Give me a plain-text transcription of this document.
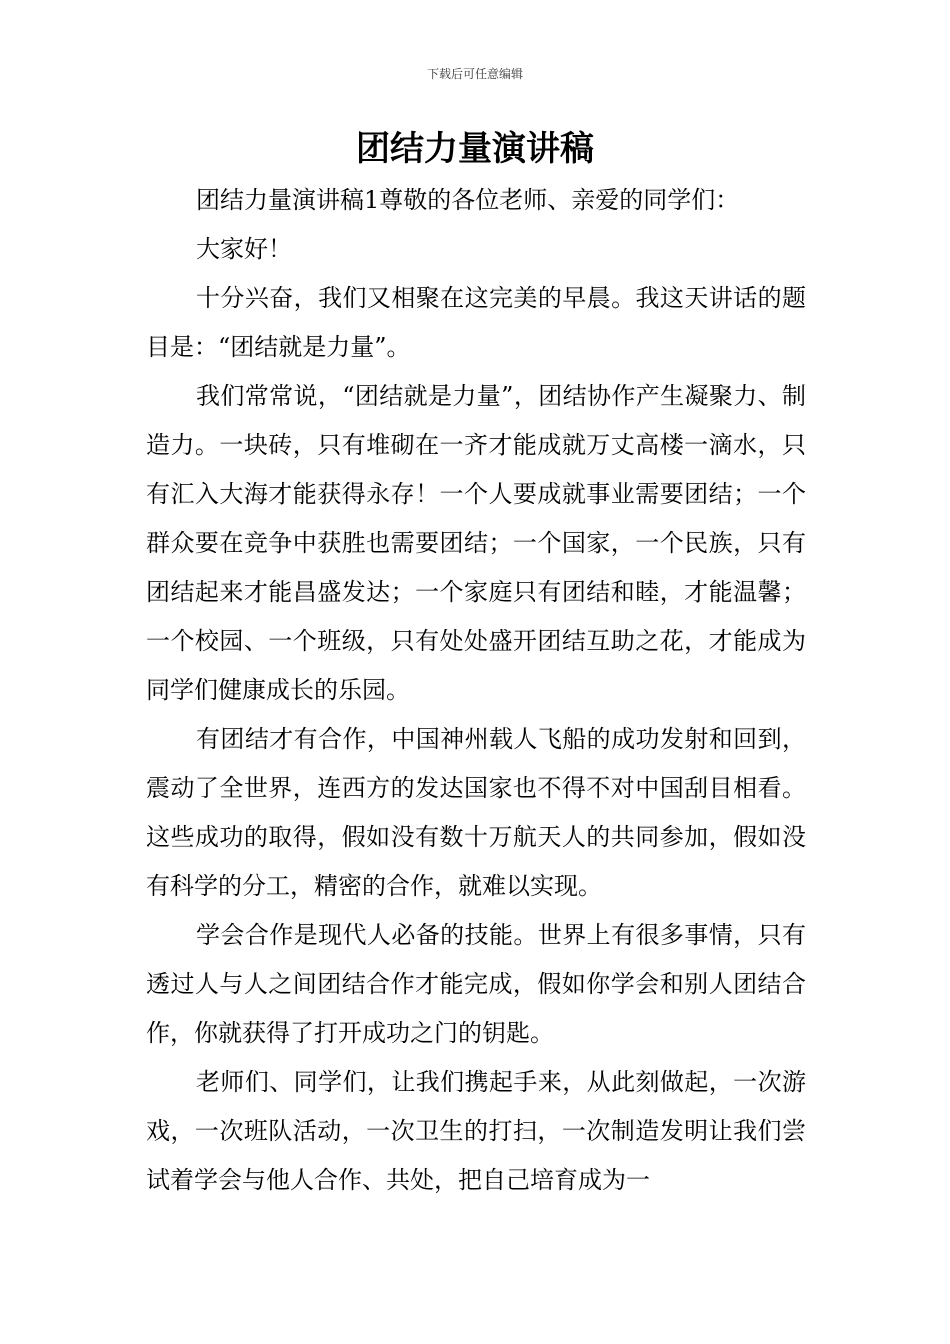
下载后可任意编辑
团结力量演讲稿

团结力量演讲稿1尊敬的各位老师、亲爱的同学们：

大家好！

十分兴奋，我们又相聚在这完美的早晨。我这天讲话的题目是：“团结就是力量”。

我们常常说，“团结就是力量”，团结协作产生凝聚力、制造力。一块砖，只有堆砌在一齐才能成就万丈高楼一滴水，只有汇入大海才能获得永存！一个人要成就事业需要团结；一个群众要在竞争中获胜也需要团结；一个国家，一个民族，只有团结起来才能昌盛发达；一个家庭只有团结和睦，才能温馨；一个校园、一个班级，只有处处盛开团结互助之花，才能成为同学们健康成长的乐园。

有团结才有合作，中国神州载人飞船的成功发射和回到，震动了全世界，连西方的发达国家也不得不对中国刮目相看。这些成功的取得，假如没有数十万航天人的共同参加，假如没有科学的分工，精密的合作，就难以实现。

学会合作是现代人必备的技能。世界上有很多事情，只有透过人与人之间团结合作才能完成，假如你学会和别人团结合作，你就获得了打开成功之门的钥匙。

老师们、同学们，让我们携起手来，从此刻做起，一次游戏，一次班队活动，一次卫生的打扫，一次制造发明让我们尝试着学会与他人合作、共处，把自己培育成为一
